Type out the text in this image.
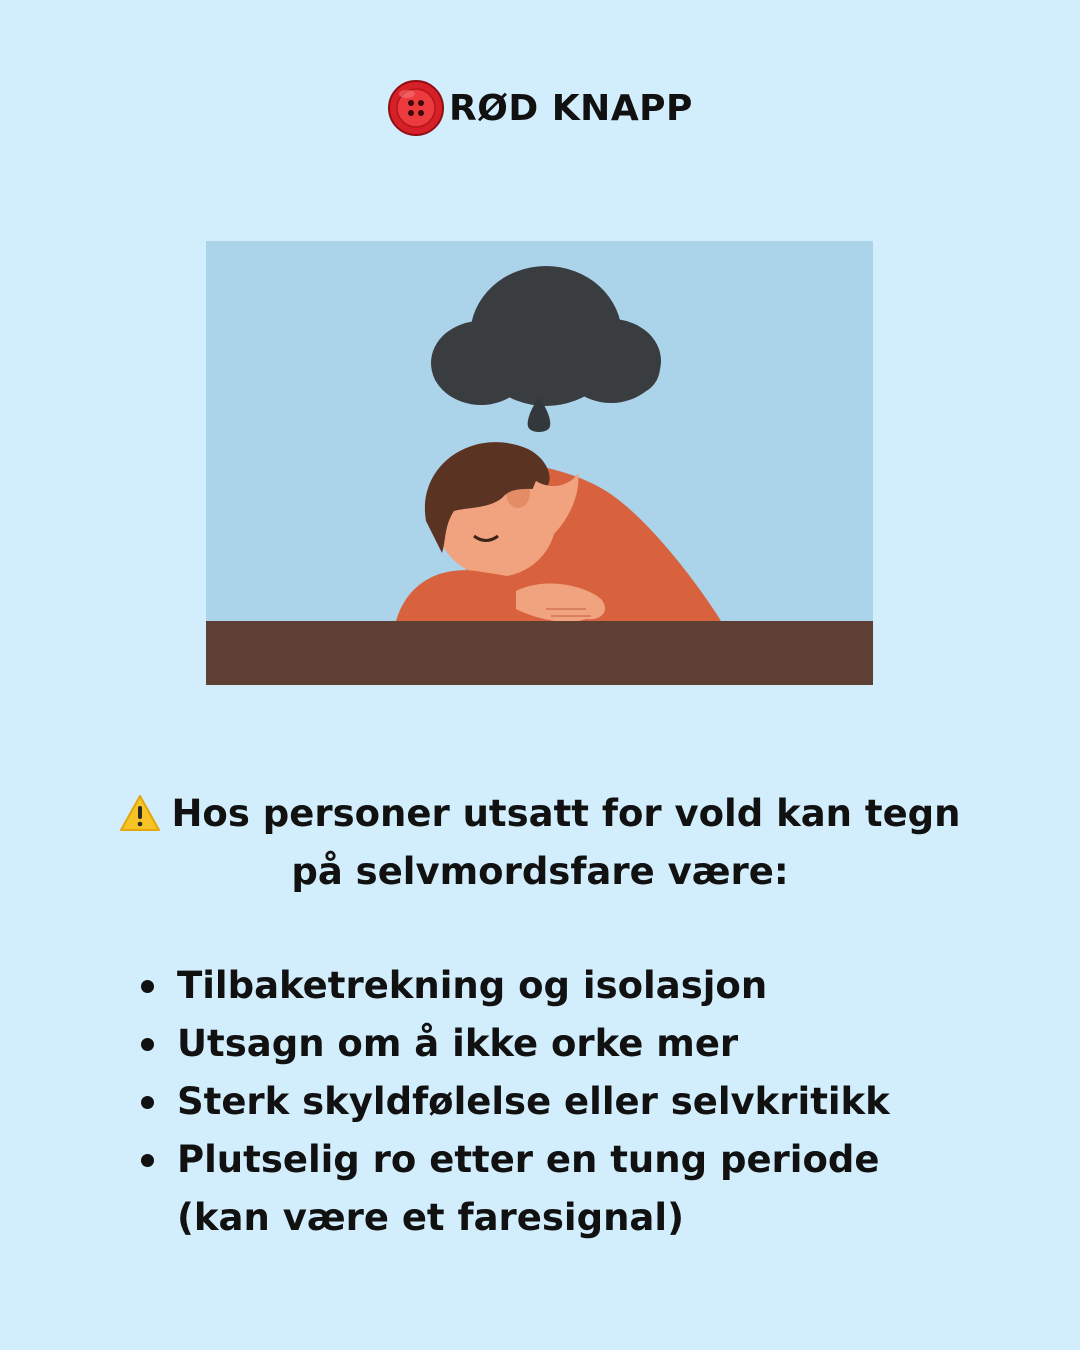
RØD KNAPP
Hos personer utsatt for vold kan tegn på selvmordsfare være:
Tilbaketrekning og isolasjon
Utsagn om å ikke orke mer
Sterk skyldfølelse eller selvkritikk
Plutselig ro etter en tung periode (kan være et faresignal)
